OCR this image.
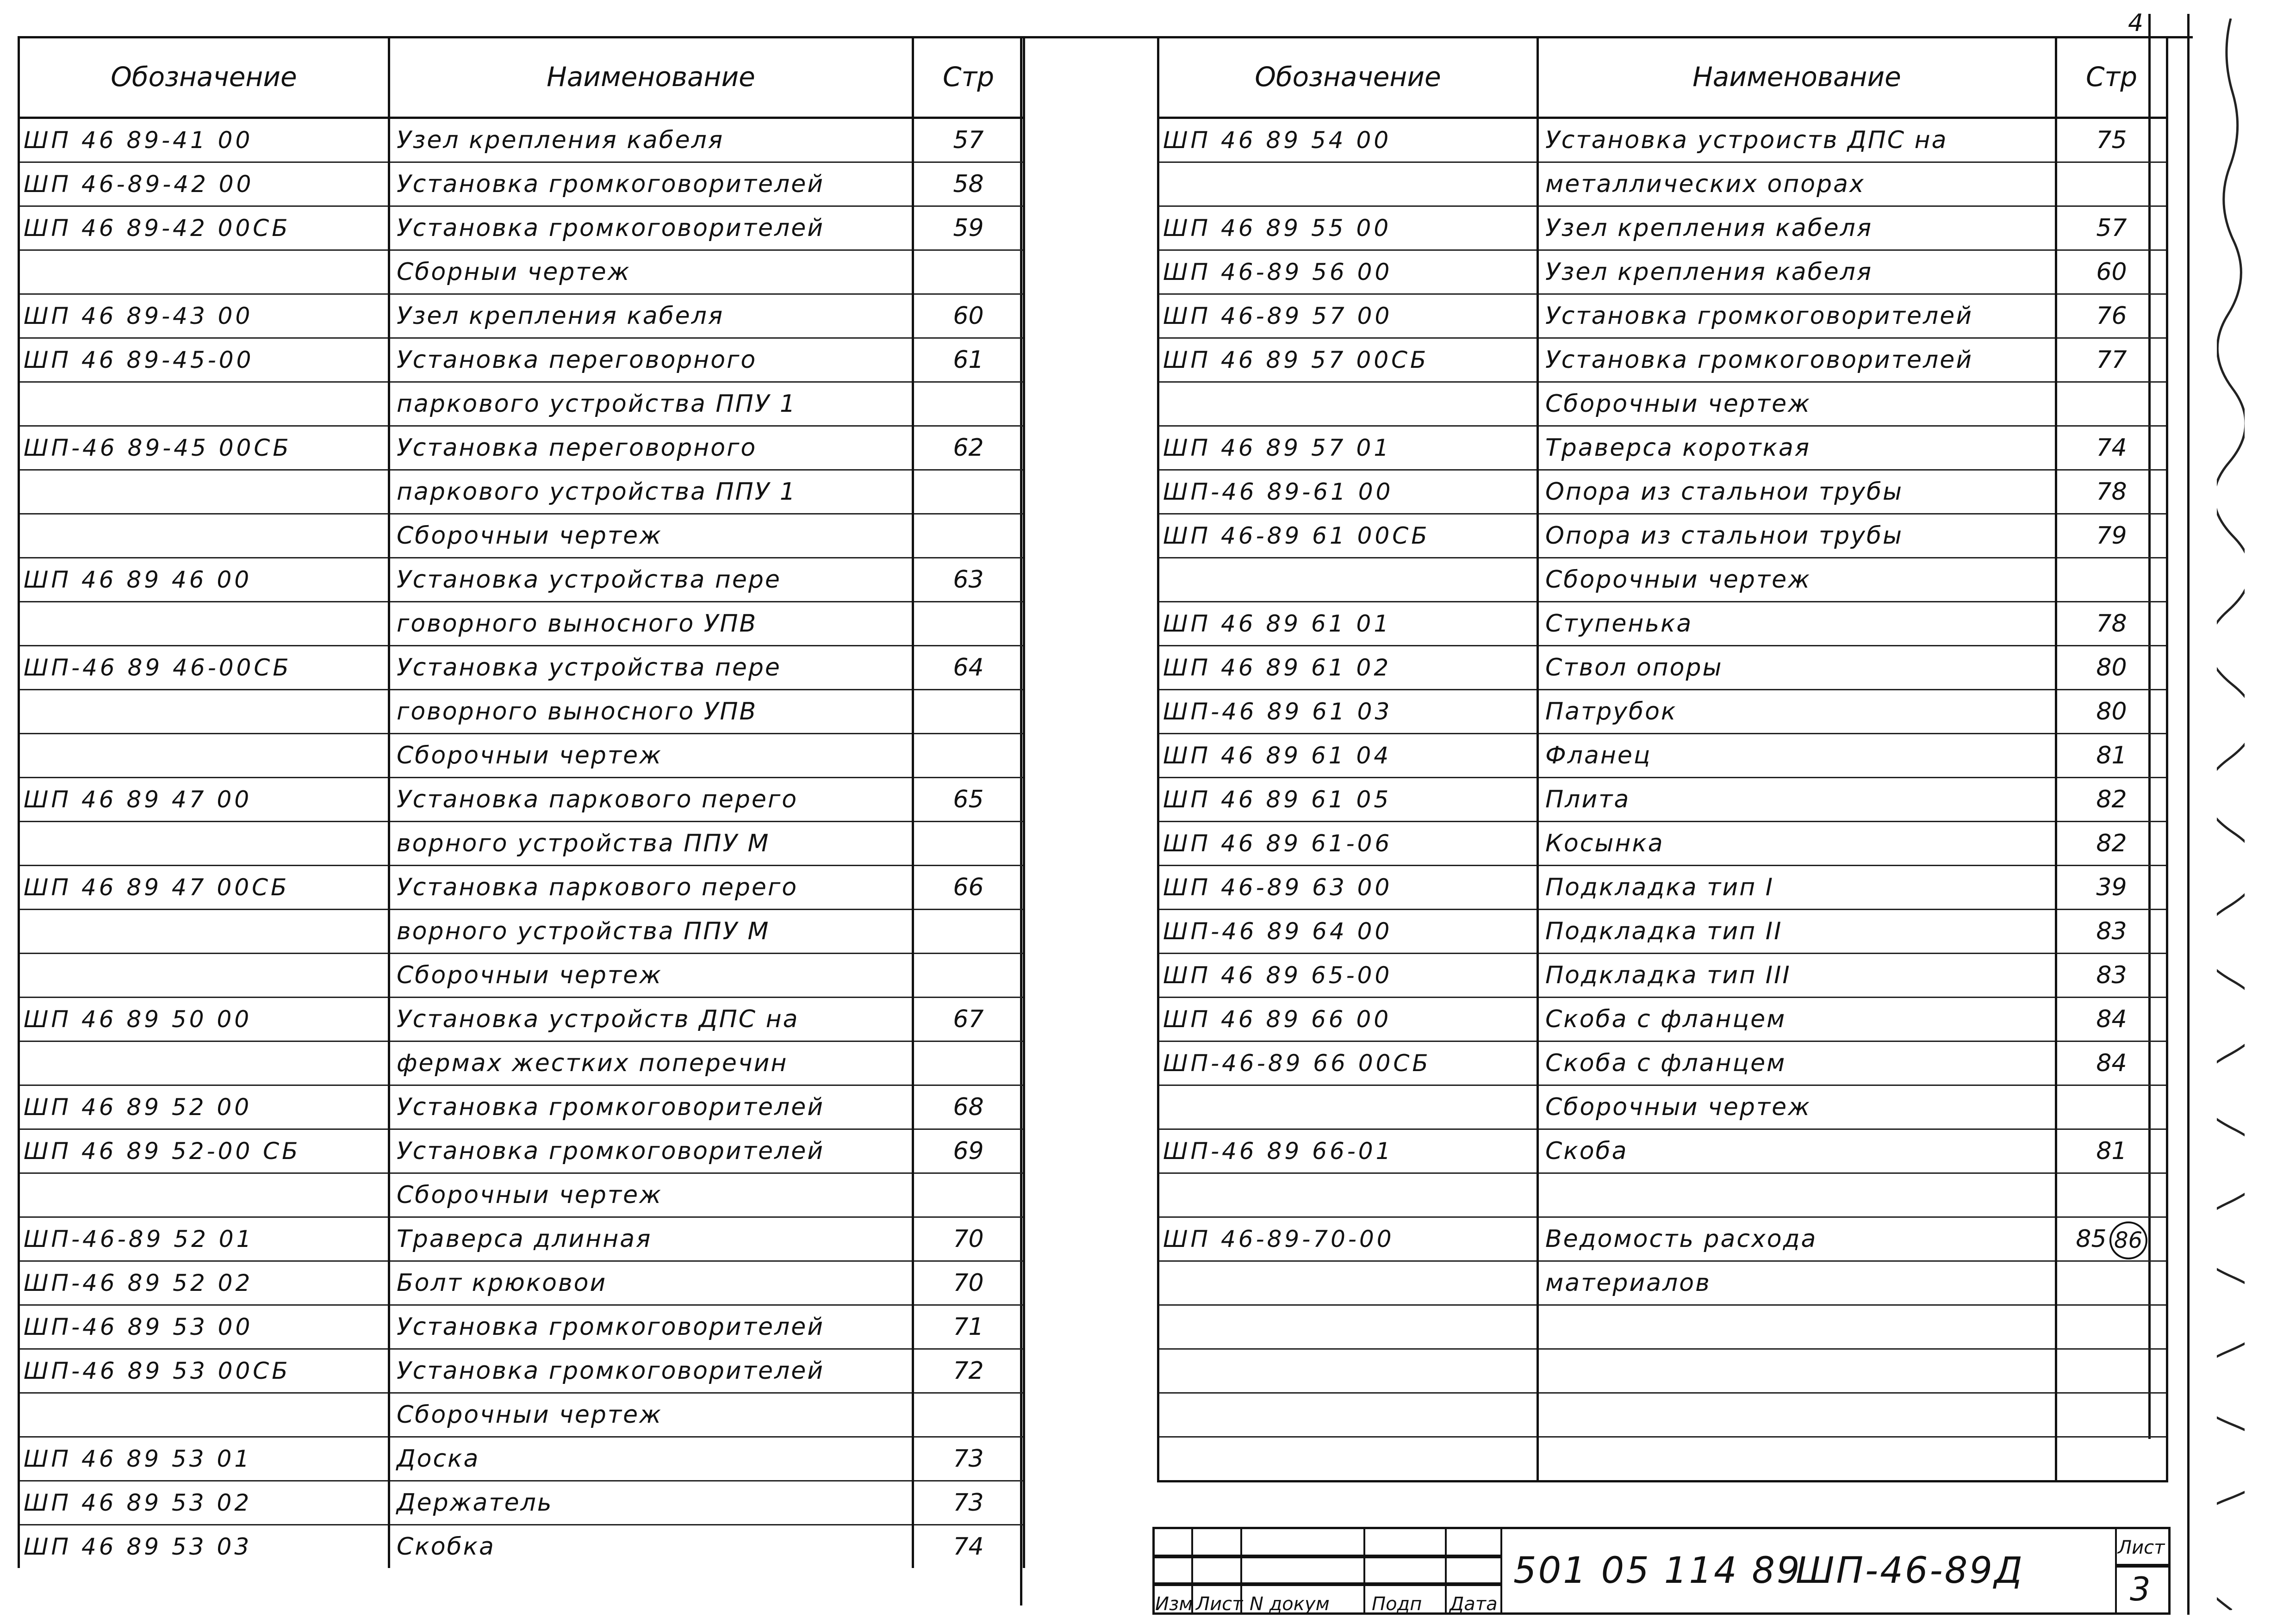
4
Обозначение	Наименование	Стр
ШП 46 89-41 00	Узел крепления кабеля	57
ШП 46-89-42 00	Установка громкоговорителей	58
ШП 46 89-42 00СБ	Установка громкоговорителей	59
	Сборныи чертеж	
ШП 46 89-43 00	Узел крепления кабеля	60
ШП 46 89-45-00	Установка переговорного	61
	паркового устройства ППУ 1	
ШП-46 89-45 00СБ	Установка переговорного	62
	паркового устройства ППУ 1	
	Сборочныи чертеж	
ШП 46 89 46 00	Установка устройства пере	63
	говорного выносного УПВ	
ШП-46 89 46-00СБ	Установка устройства пере	64
	говорного выносного УПВ	
	Сборочныи чертеж	
ШП 46 89 47 00	Установка паркового перего	65
	ворного устройства ППУ М	
ШП 46 89 47 00СБ	Установка паркового перего	66
	ворного устройства ППУ М	
	Сборочныи чертеж	
ШП 46 89 50 00	Установка устройств ДПС на	67
	фермах жестких поперечин	
ШП 46 89 52 00	Установка громкоговорителей	68
ШП 46 89 52-00 СБ	Установка громкоговорителей	69
	Сборочныи чертеж	
ШП-46-89 52 01	Траверса длинная	70
ШП-46 89 52 02	Болт крюковои	70
ШП-46 89 53 00	Установка громкоговорителей	71
ШП-46 89 53 00СБ	Установка громкоговорителей	72
	Сборочныи чертеж	
ШП 46 89 53 01	Доска	73
ШП 46 89 53 02	Держатель	73
ШП 46 89 53 03	Скобка	74
Обозначение	Наименование	Стр
ШП 46 89 54 00	Установка устроиств ДПС на	75
	металлических опорах	
ШП 46 89 55 00	Узел крепления кабеля	57
ШП 46-89 56 00	Узел крепления кабеля	60
ШП 46-89 57 00	Установка громкоговорителей	76
ШП 46 89 57 00СБ	Установка громкоговорителей	77
	Сборочныи чертеж	
ШП 46 89 57 01	Траверса короткая	74
ШП-46 89-61 00	Опора из стальнои трубы	78
ШП 46-89 61 00СБ	Опора из стальнои трубы	79
	Сборочныи чертеж	
ШП 46 89 61 01	Ступенька	78
ШП 46 89 61 02	Ствол опоры	80
ШП-46 89 61 03	Патрубок	80
ШП 46 89 61 04	Фланец	81
ШП 46 89 61 05	Плита	82
ШП 46 89 61-06	Косынка	82
ШП 46-89 63 00	Подкладка тип I	39
ШП-46 89 64 00	Подкладка тип II	83
ШП 46 89 65-00	Подкладка тип III	83
ШП 46 89 66 00	Скоба с фланцем	84
ШП-46-89 66 00СБ	Скоба с фланцем	84
	Сборочныи чертеж	
ШП-46 89 66-01	Скоба	81

ШП 46-89-70-00	Ведомость расхода	85 86
	материалов	

Изм Лист N докум Подп Дата
501 05 114 89
ШП-46-89Д
Лист
3
